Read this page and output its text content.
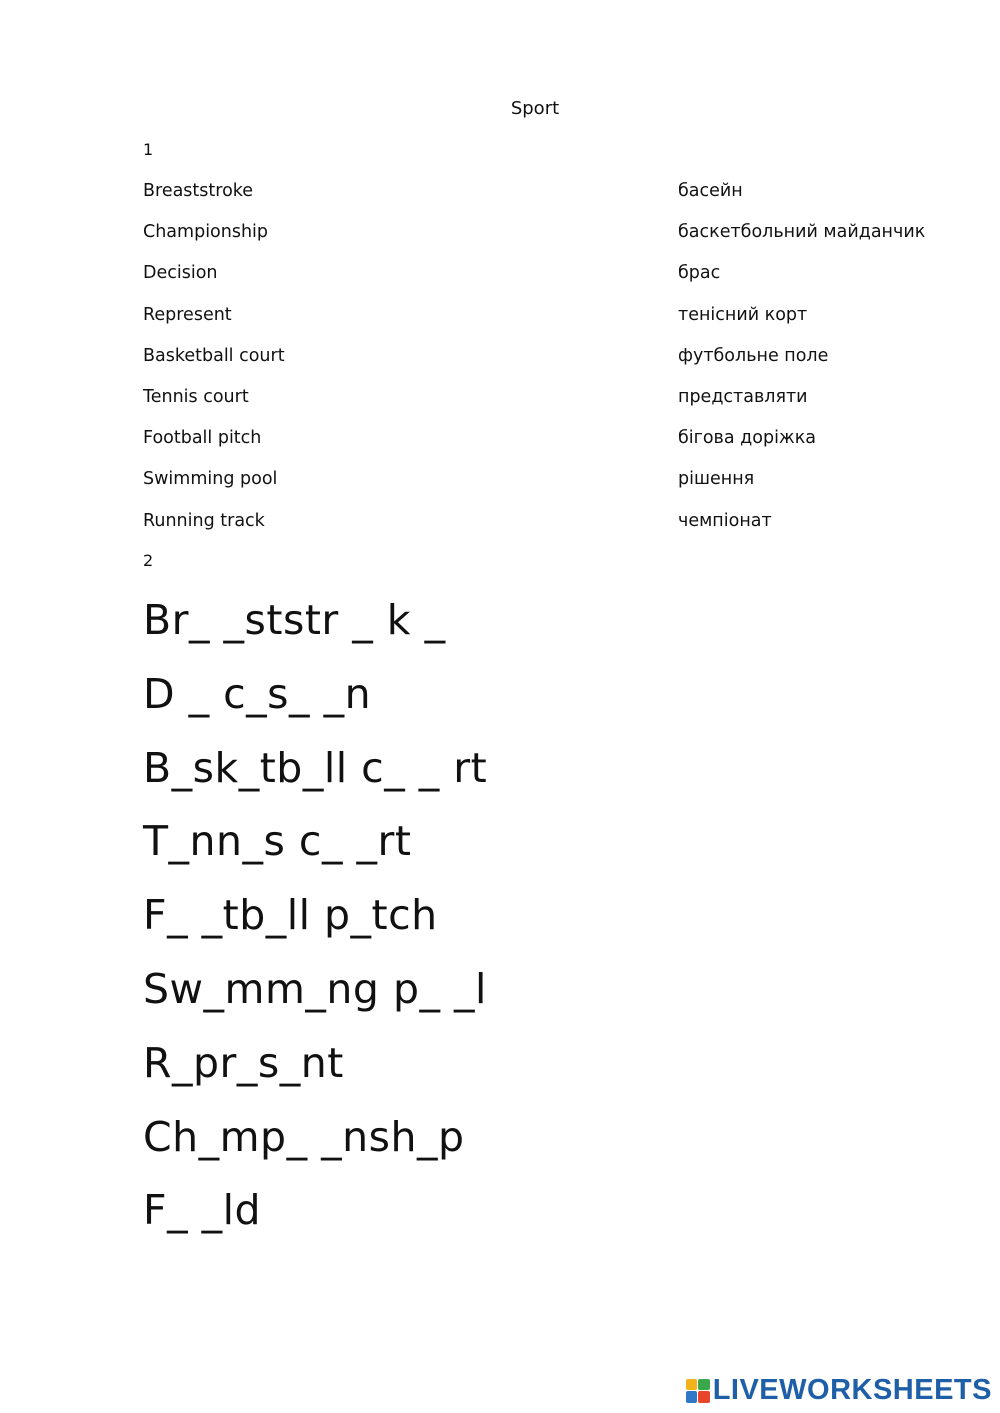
Sport
1
Breaststroke	басейн
Championship	баскетбольний майданчик
Decision	брас
Represent	тенісний корт
Basketball court	футбольне поле
Tennis court	представляти
Football pitch	бігова доріжка
Swimming pool	рішення
Running track	чемпіонат
2
Br_ _ststr _ k _
D _ c_s_ _n
B_sk_tb_ll c_ _ rt
T_nn_s c_ _rt
F_ _tb_ll p_tch
Sw_mm_ng p_ _l
R_pr_s_nt
Ch_mp_ _nsh_p
F_ _ld
LIVEWORKSHEETS
